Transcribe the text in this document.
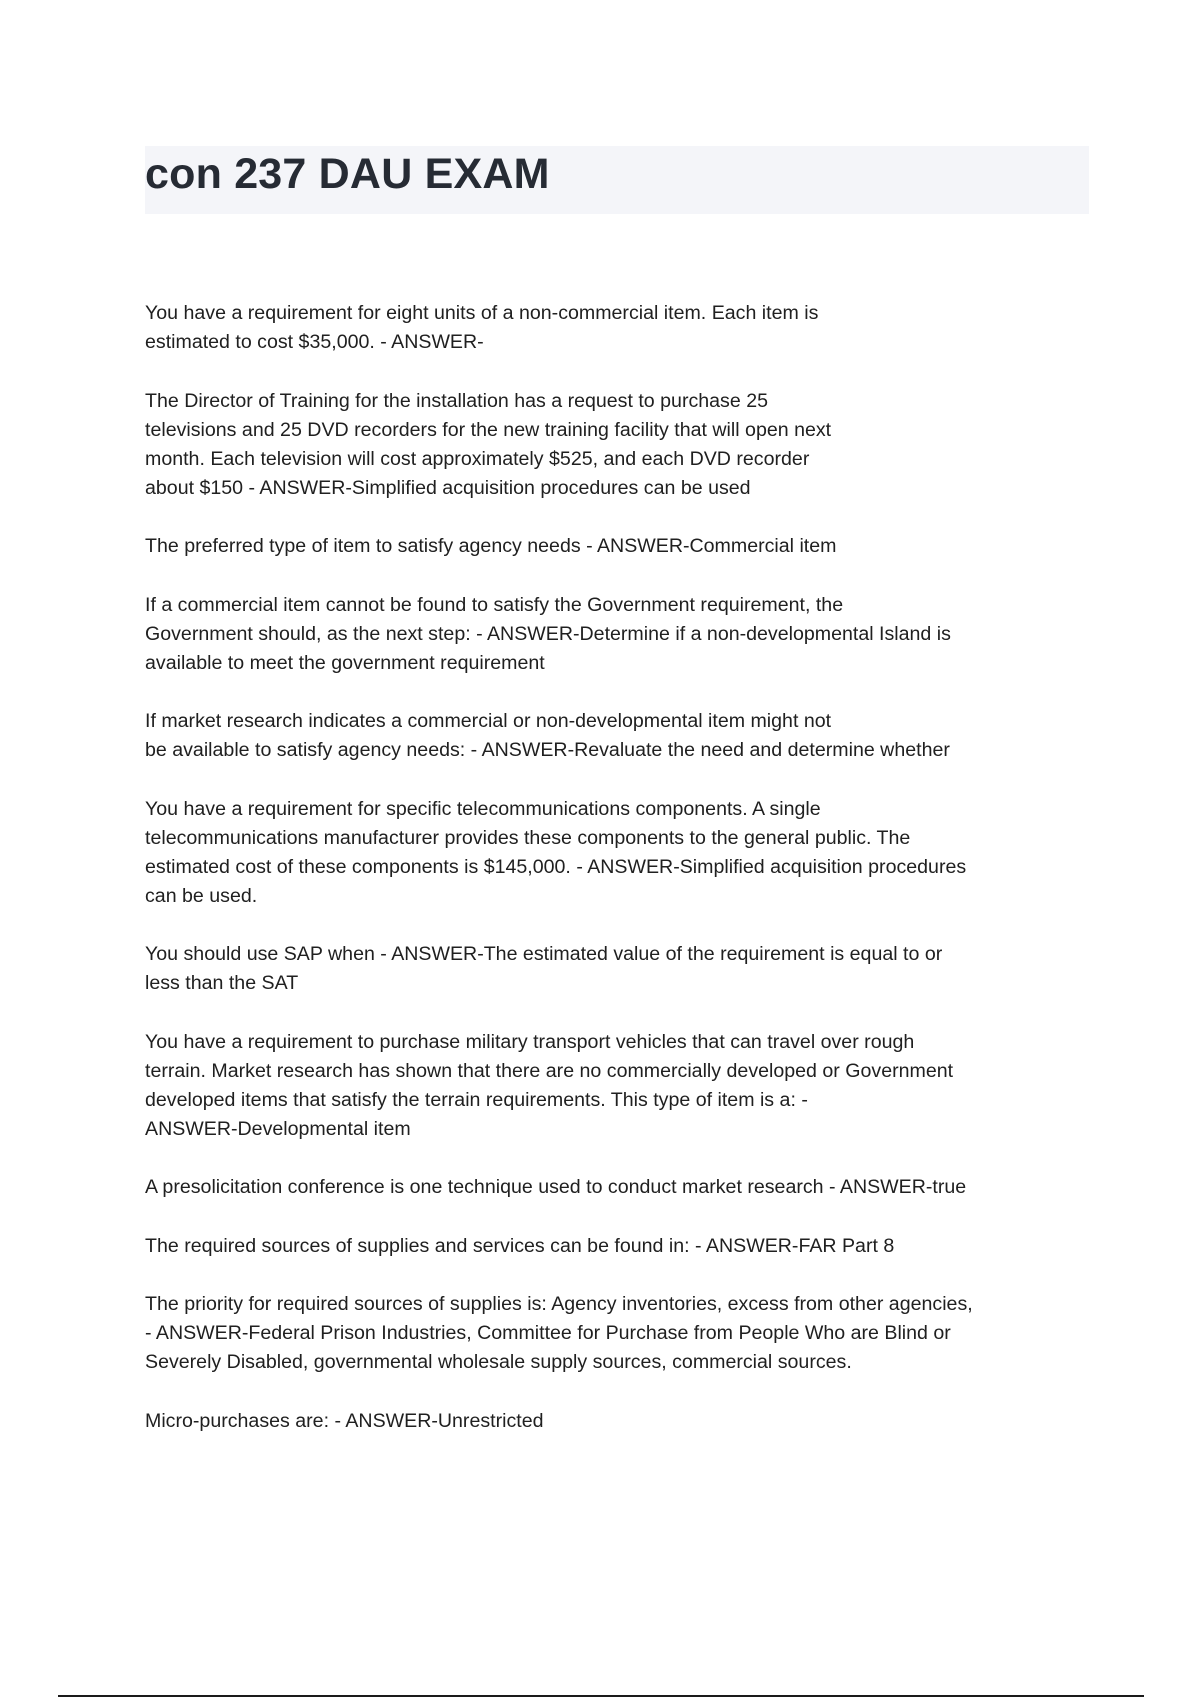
con 237 DAU EXAM

You have a requirement for eight units of a non-commercial item. Each item is
estimated to cost $35,000. - ANSWER-

The Director of Training for the installation has a request to purchase 25
televisions and 25 DVD recorders for the new training facility that will open next
month. Each television will cost approximately $525, and each DVD recorder
about $150 - ANSWER-Simplified acquisition procedures can be used

The preferred type of item to satisfy agency needs - ANSWER-Commercial item

If a commercial item cannot be found to satisfy the Government requirement, the
Government should, as the next step: - ANSWER-Determine if a non-developmental Island is
available to meet the government requirement

If market research indicates a commercial or non-developmental item might not
be available to satisfy agency needs: - ANSWER-Revaluate the need and determine whether

You have a requirement for specific telecommunications components. A single
telecommunications manufacturer provides these components to the general public. The
estimated cost of these components is $145,000. - ANSWER-Simplified acquisition procedures
can be used.

You should use SAP when - ANSWER-The estimated value of the requirement is equal to or
less than the SAT

You have a requirement to purchase military transport vehicles that can travel over rough
terrain. Market research has shown that there are no commercially developed or Government
developed items that satisfy the terrain requirements. This type of item is a: -
ANSWER-Developmental item

A presolicitation conference is one technique used to conduct market research - ANSWER-true

The required sources of supplies and services can be found in: - ANSWER-FAR Part 8

The priority for required sources of supplies is: Agency inventories, excess from other agencies,
- ANSWER-Federal Prison Industries, Committee for Purchase from People Who are Blind or
Severely Disabled, governmental wholesale supply sources, commercial sources.

Micro-purchases are: - ANSWER-Unrestricted
